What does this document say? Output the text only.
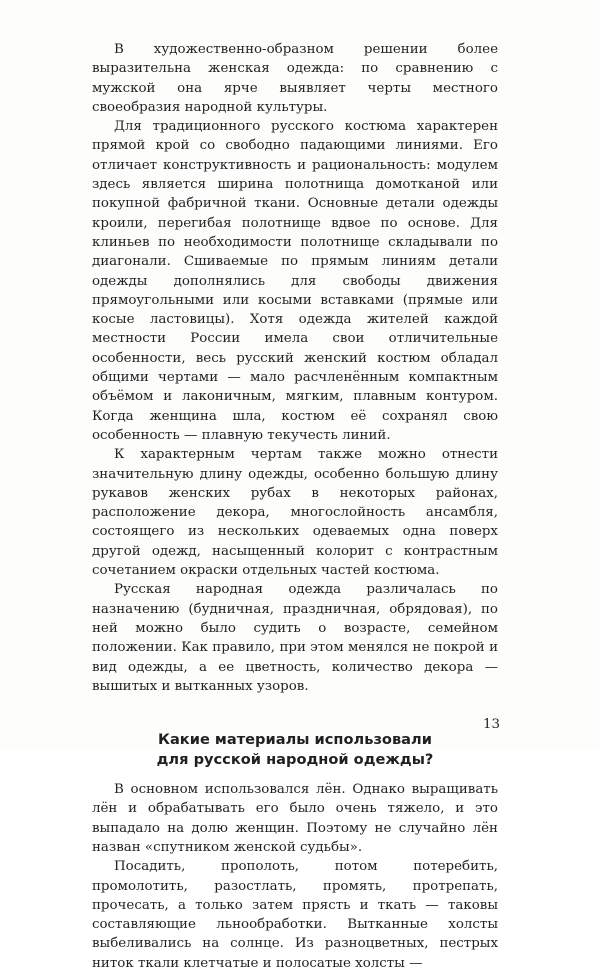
В художественно-образном решении более выразительна женская одежда: по сравнению с мужской она ярче выявляет черты местного своеобразия народной культуры.

Для традиционного русского костюма характерен прямой крой со свободно падающими линиями. Его отличает конструктивность и рациональность: модулем здесь является ширина полотнища домотканой или покупной фабричной ткани. Основные детали одежды кроили, перегибая полотнище вдвое по основе. Для клиньев по необходимости полотнище складывали по диагонали. Сшиваемые по прямым линиям детали одежды дополнялись для свободы движения прямоугольными или косыми вставками (прямые или косые ластовицы). Хотя одежда жителей каждой местности России имела свои отличительные особенности, весь русский женский костюм обладал общими чертами — мало расчленённым компактным объёмом и лаконичным, мягким, плавным контуром. Когда женщина шла, костюм её сохранял свою особенность — плавную текучесть линий.

К характерным чертам также можно отнести значительную длину одежды, особенно большую длину рукавов женских рубах в некоторых районах, расположение декора, многослойность ансамбля, состоящего из нескольких одеваемых одна поверх другой одежд, насыщенный колорит с контрастным сочетанием окраски отдельных частей костюма.

Русская народная одежда различалась по назначению (будничная, праздничная, обрядовая), по ней можно было судить о возрасте, семейном положении. Как правило, при этом менялся не покрой и вид одежды, а ее цветность, количество декора — вышитых и вытканных узоров.

Какие материалы использовали
для русской народной одежды?

В основном использовался лён. Однако выращивать лён и обрабатывать его было очень тяжело, и это выпадало на долю женщин. Поэтому не случайно лён назван «спутником женской судьбы».

Посадить, прополоть, потом потеребить, промолотить, разостлать, промять, протрепать, прочесать, а только затем прясть и ткать — таковы составляющие льнообработки. Вытканные холсты выбеливались на солнце. Из разноцветных, пестрых ниток ткали клетчатые и полосатые холсты —

13
